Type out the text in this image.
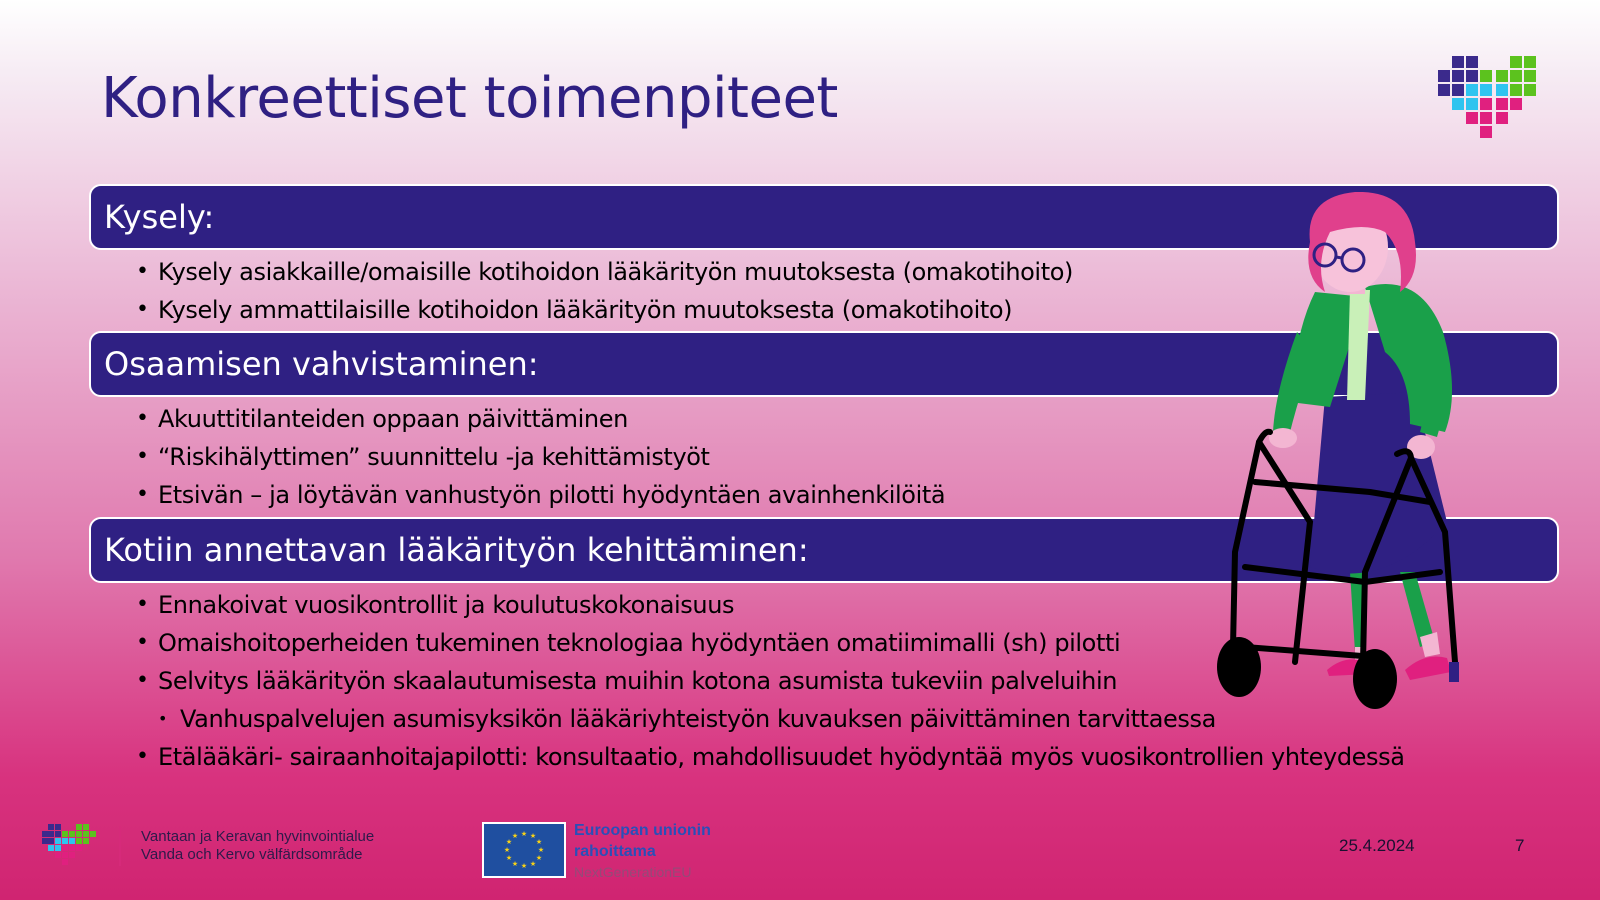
Konkreettiset toimenpiteet
Kysely:
• Kysely asiakkaille/omaisille kotihoidon lääkärityön muutoksesta (omakotihoito)
• Kysely ammattilaisille kotihoidon lääkärityön muutoksesta (omakotihoito)
Osaamisen vahvistaminen:
• Akuuttitilanteiden oppaan päivittäminen
• “Riskihälyttimen” suunnittelu -ja kehittämistyöt
• Etsivän – ja löytävän vanhustyön pilotti hyödyntäen avainhenkilöitä
Kotiin annettavan lääkärityön kehittäminen:
• Ennakoivat vuosikontrollit ja koulutuskokonaisuus
• Omaishoitoperheiden tukeminen teknologiaa hyödyntäen omatiimimalli (sh) pilotti
• Selvitys lääkärityön skaalautumisesta muihin kotona asumista tukeviin palveluihin
• Vanhuspalvelujen asumisyksikön lääkäriyhteistyön kuvauksen päivittäminen tarvittaessa
• Etälääkäri- sairaanhoitajapilotti: konsultaatio, mahdollisuudet hyödyntää myös vuosikontrollien yhteydessä
Vantaan ja Keravan hyvinvointialue
Vanda och Kervo välfärdsområde
★ ★
★
★
★
★
★
★
★
★
★
★	Euroopan unionin
rahoittama
NextGenerationEU
25.4.2024	7
